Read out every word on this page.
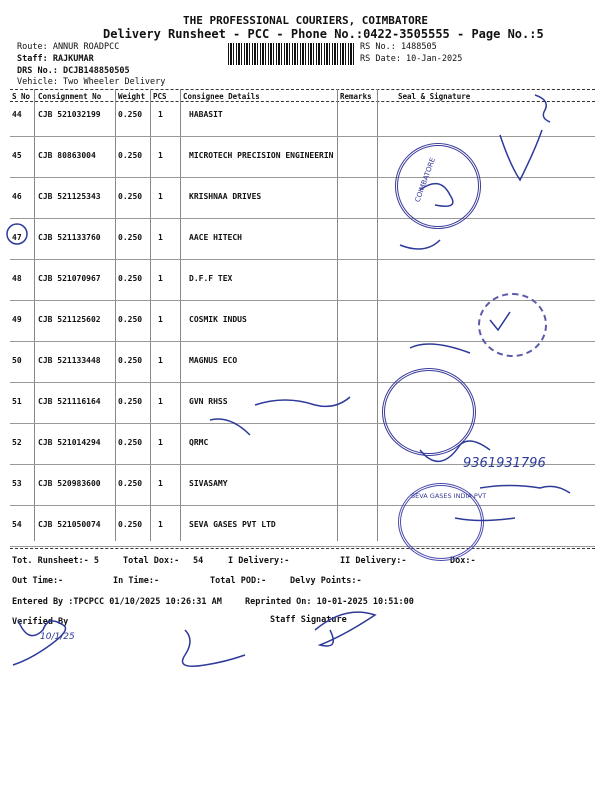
THE PROFESSIONAL COURIERS, COIMBATORE
Delivery Runsheet - PCC - Phone No.:0422-3505555 - Page No.:5
Route: ANNUR ROADPCC
Staff: RAJKUMAR
DRS No.: DCJB148850505
Vehicle: Two Wheeler Delivery
RS No.: 1488505
RS Date: 10-Jan-2025
S No Consignment No Weight PCS Consignee Details	Remarks	Seal & Signature
44 CJB 521032199 0.250 1	HABASIT
45 CJB 80863004	0.250 1	MICROTECH PRECISION ENGINEERIN
46 CJB 521125343 0.250 1	KRISHNAA DRIVES
47 CJB 521133760 0.250 1	AACE HITECH
48 CJB 521070967 0.250 1	D.F.F TEX
49 CJB 521125602 0.250 1	COSMIK INDUS
50 CJB 521133448 0.250 1	MAGNUS ECO
51 CJB 521116164 0.250 1	GVN RHSS
52 CJB 521014294 0.250 1	QRMC
53 CJB 520983600 0.250 1	SIVASAMY
54 CJB 521050074 0.250 1	SEVA GASES PVT LTD
Tot. Runsheet:- 5	Total Dox:- 54	I Delivery:-	II Delivery:-	Dox:-
Out Time:-	In Time:-	Total POD:-	Delvy Points:-
Entered By :TPCPCC 01/10/2025 10:26:31 AM	Reprinted On: 10-01-2025 10:51:00
Verified By	Staff Signature
COIMBATORE
SEVA GASES INDIA PVT
9361931796
10/1/25
